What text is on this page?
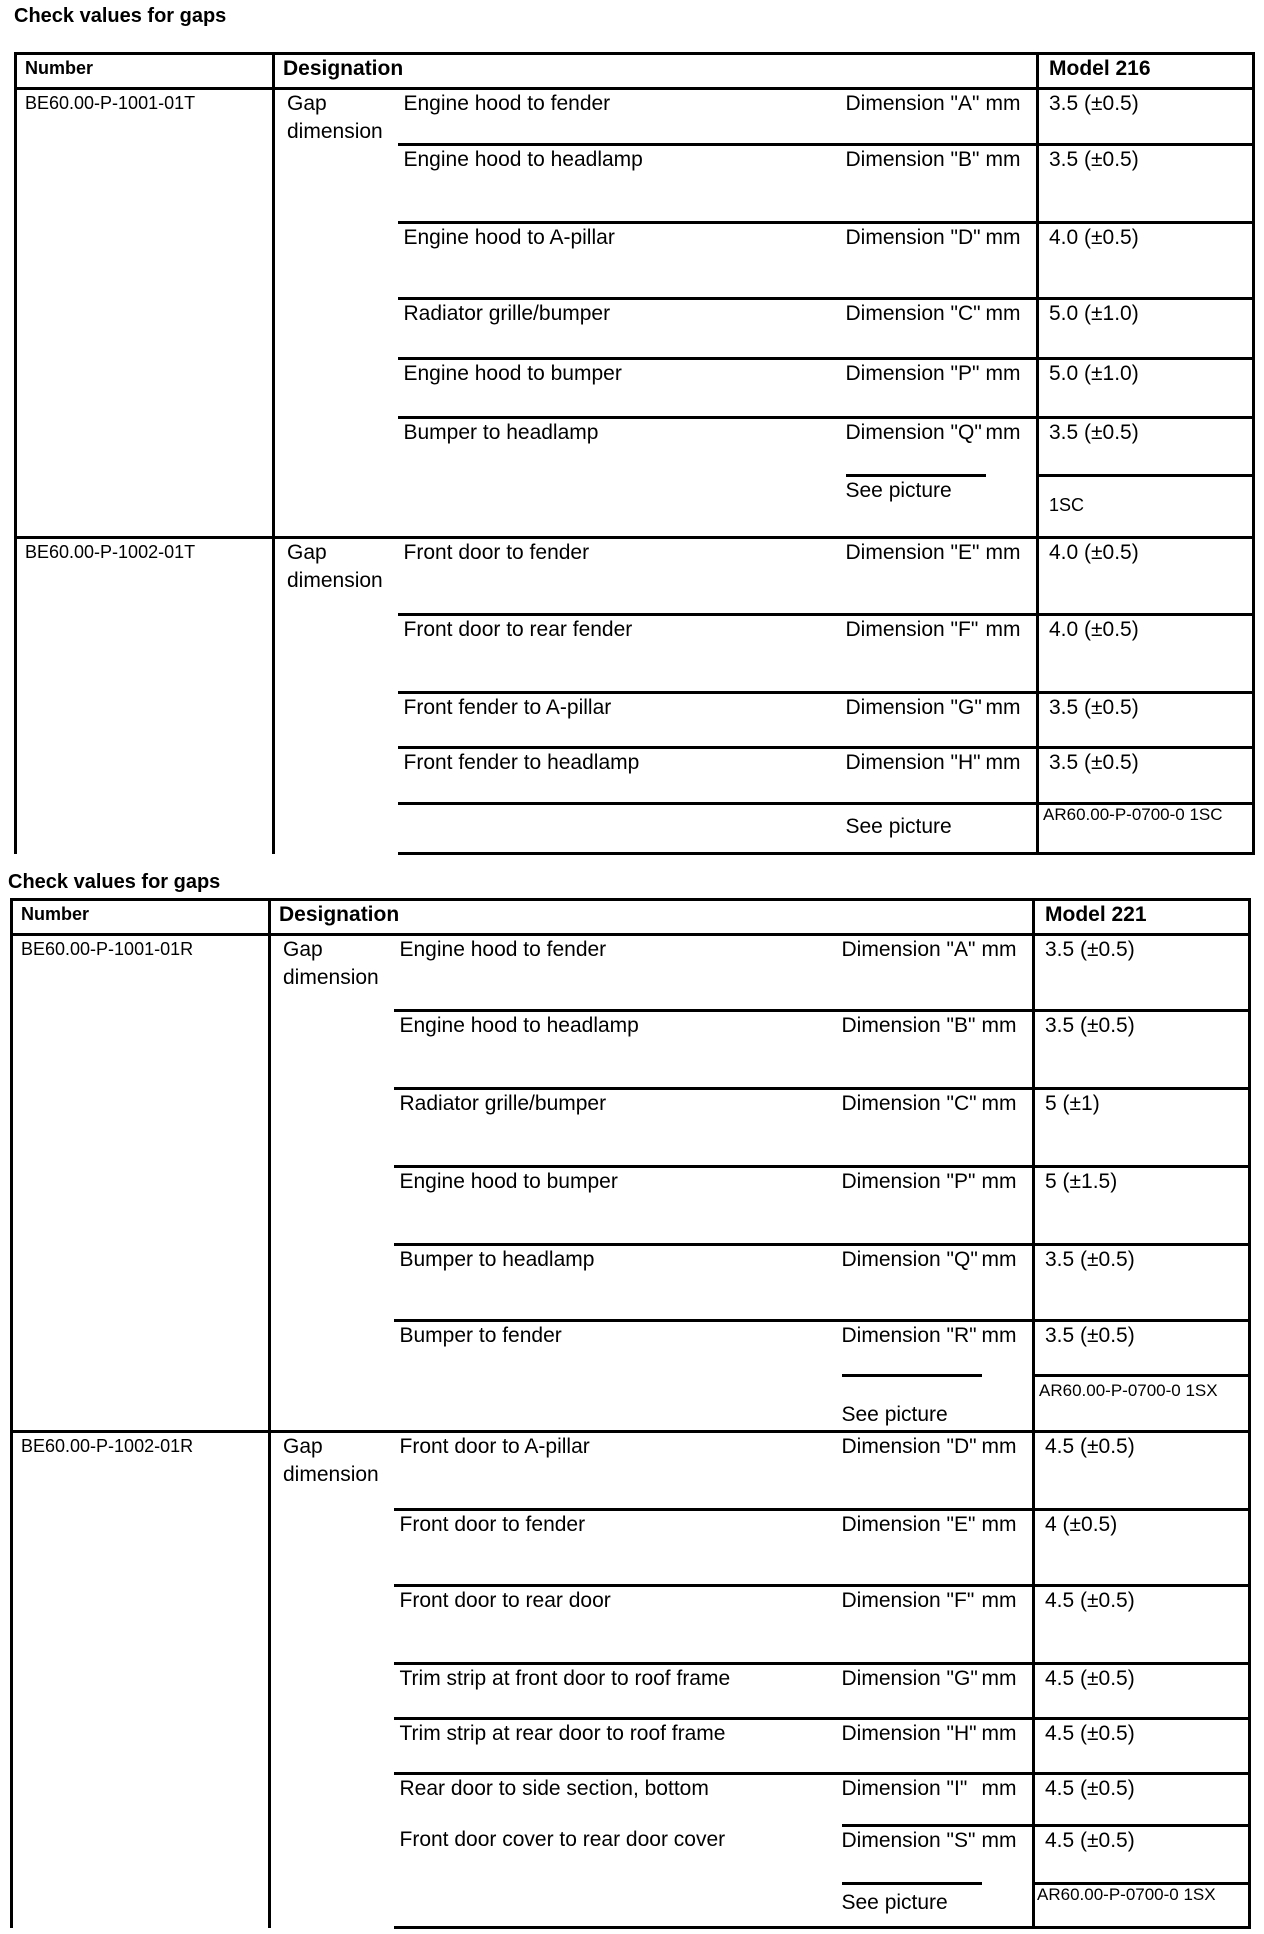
Check values for gaps
Number	Designation				Model 216
BE60.00-P-1001-01T	Gap dimension	Engine hood to fender	Dimension "A"	mm	3.5 (±0.5)
		Engine hood to headlamp	Dimension "B"	mm	3.5 (±0.5)
		Engine hood to A-pillar	Dimension "D"	mm	4.0 (±0.5)
		Radiator grille/bumper	Dimension "C"	mm	5.0 (±1.0)
		Engine hood to bumper	Dimension "P"	mm	5.0 (±1.0)
		Bumper to headlamp	Dimension "Q"	mm	3.5 (±0.5)
			See picture		1SC
BE60.00-P-1002-01T	Gap dimension	Front door to fender	Dimension "E"	mm	4.0 (±0.5)
		Front door to rear fender	Dimension "F"	mm	4.0 (±0.5)
		Front fender to A-pillar	Dimension "G"	mm	3.5 (±0.5)
		Front fender to headlamp	Dimension "H"	mm	3.5 (±0.5)
			See picture		AR60.00-P-0700-0 1SC
Check values for gaps
Number	Designation				Model 221
BE60.00-P-1001-01R	Gap dimension	Engine hood to fender	Dimension "A"	mm	3.5 (±0.5)
		Engine hood to headlamp	Dimension "B"	mm	3.5 (±0.5)
		Radiator grille/bumper	Dimension "C"	mm	5 (±1)
		Engine hood to bumper	Dimension "P"	mm	5 (±1.5)
		Bumper to headlamp	Dimension "Q"	mm	3.5 (±0.5)
		Bumper to fender	Dimension "R"	mm	3.5 (±0.5)
			See picture		AR60.00-P-0700-0 1SX
BE60.00-P-1002-01R	Gap dimension	Front door to A-pillar	Dimension "D"	mm	4.5 (±0.5)
		Front door to fender	Dimension "E"	mm	4 (±0.5)
		Front door to rear door	Dimension "F"	mm	4.5 (±0.5)
		Trim strip at front door to roof frame	Dimension "G"	mm	4.5 (±0.5)
		Trim strip at rear door to roof frame	Dimension "H"	mm	4.5 (±0.5)
		Rear door to side section, bottom	Dimension "I"	mm	4.5 (±0.5)
		Front door cover to rear door cover	Dimension "S"	mm	4.5 (±0.5)
			See picture		AR60.00-P-0700-0 1SX
